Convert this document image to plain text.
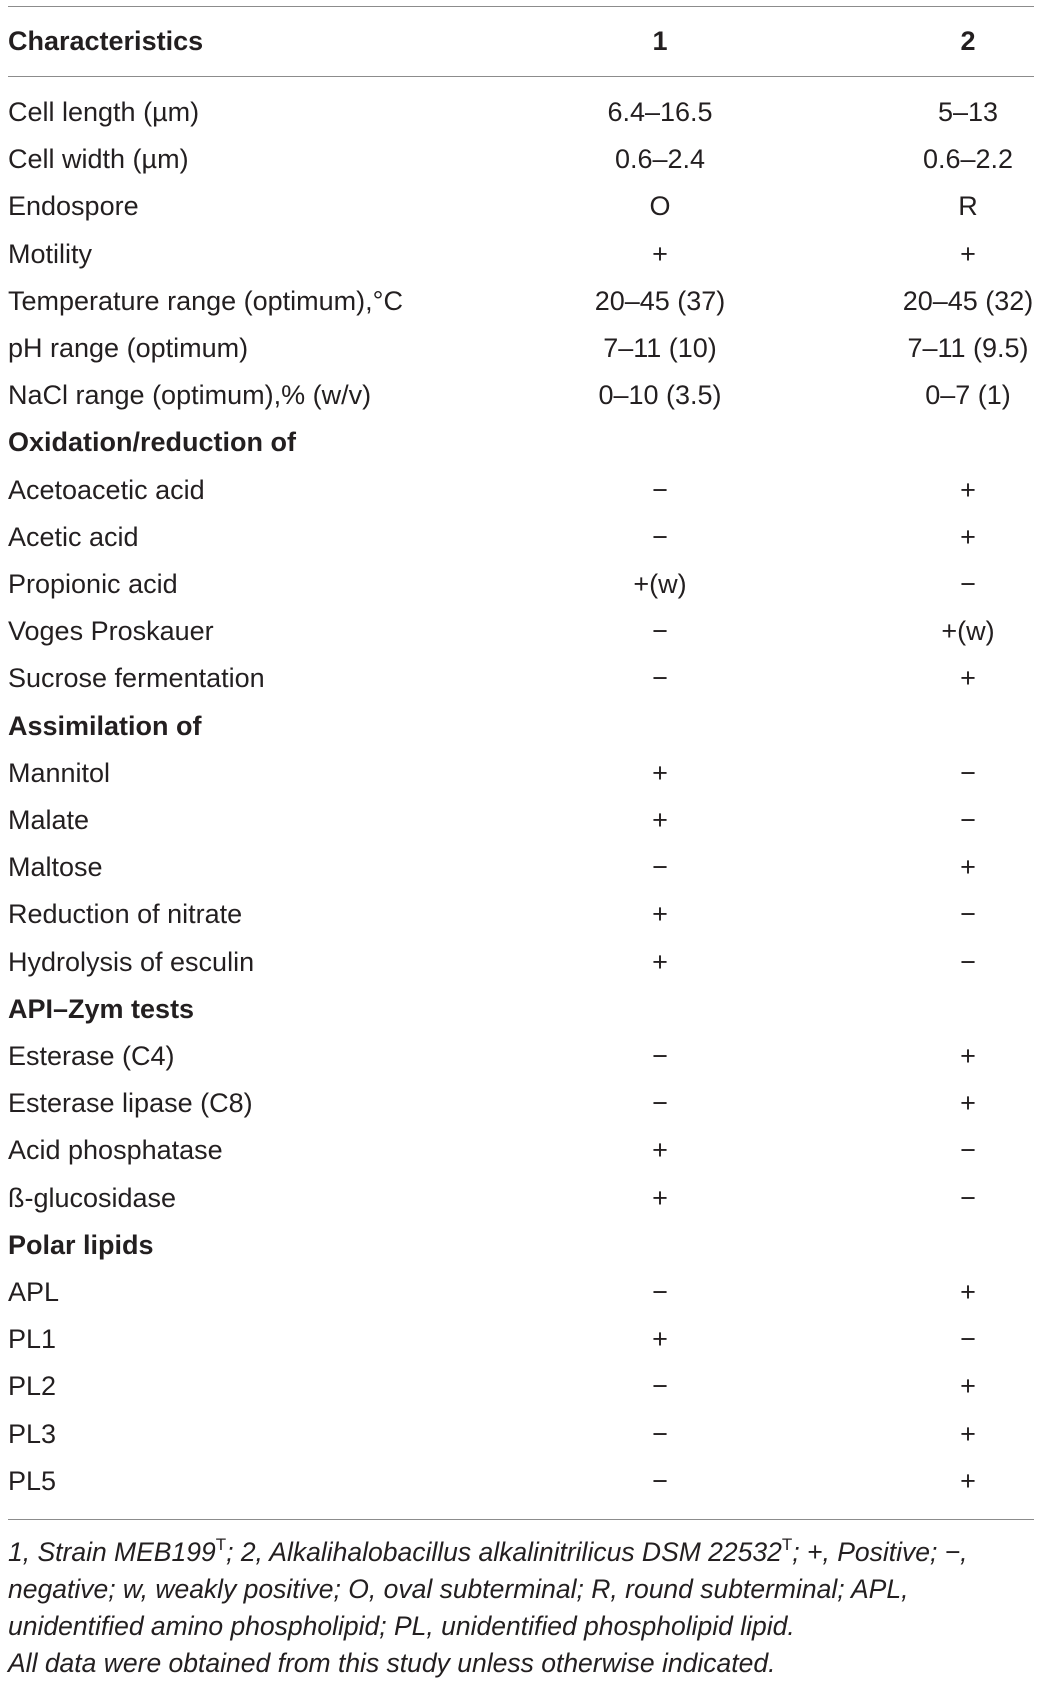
Characteristics	1	2
Cell length (µm)	6.4–16.5	5–13
Cell width (µm)	0.6–2.4	0.6–2.2
Endospore	O	R
Motility	+	+
Temperature range (optimum),°C	20–45 (37)	20–45 (32)
pH range (optimum)	7–11 (10)	7–11 (9.5)
NaCl range (optimum),% (w/v)	0–10 (3.5)	0–7 (1)
Oxidation/reduction of
Acetoacetic acid	−	+
Acetic acid	−	+
Propionic acid	+(w)	−
Voges Proskauer	−	+(w)
Sucrose fermentation	−	+
Assimilation of
Mannitol	+	−
Malate	+	−
Maltose	−	+
Reduction of nitrate	+	−
Hydrolysis of esculin	+	−
API–Zym tests
Esterase (C4)	−	+
Esterase lipase (C8)	−	+
Acid phosphatase	+	−
ß-glucosidase	+	−
Polar lipids
APL	−	+
PL1	+	−
PL2	−	+
PL3	−	+
PL5	−	+

1, Strain $MEB199^T$; 2, Alkalihalobacillus alkalinitrilicus DSM $22532^T$; +, Positive; −, negative; w, weakly positive; O, oval subterminal; R, round subterminal; APL, unidentified amino phospholipid; PL, unidentified phospholipid lipid.

All data were obtained from this study unless otherwise indicated.
